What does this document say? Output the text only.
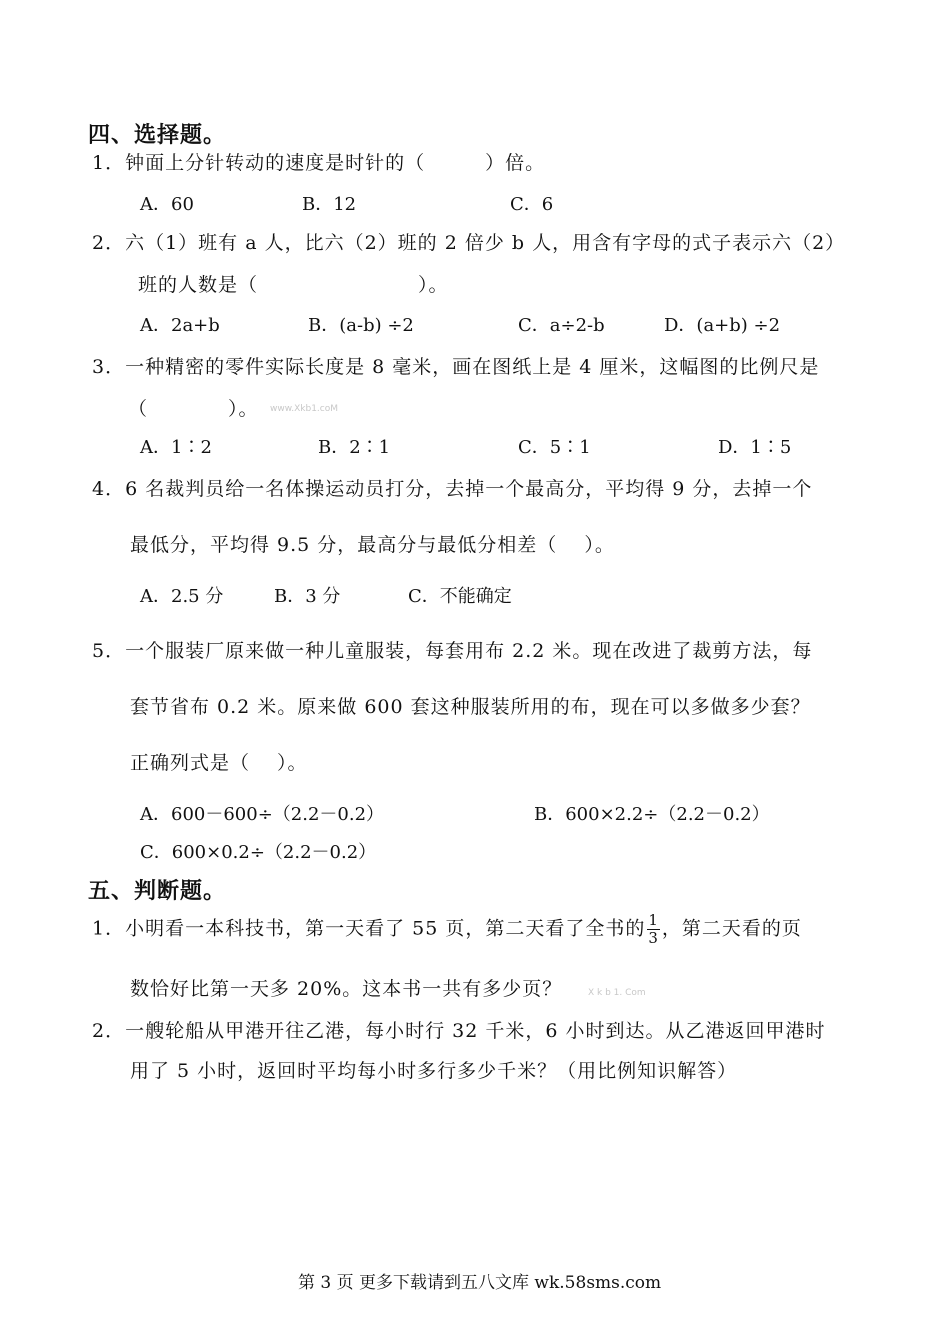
四、选择题。
1．钟面上分针转动的速度是时针的（　　　）倍。
A．60	B．12	C．6
2．六（1）班有 a 人，比六（2）班的 2 倍少 b 人，用含有字母的式子表示六（2）
班的人数是（　　　　　　　　）。
A．2a+b	B．(a-b) ÷2	C．a÷2-b	D．(a+b) ÷2
3．一种精密的零件实际长度是 8 毫米，画在图纸上是 4 厘米，这幅图的比例尺是
（　　　　）。 www.Xkb1.coM
A．1∶2	B．2∶1	C．5∶1	D．1∶5
4．6 名裁判员给一名体操运动员打分，去掉一个最高分，平均得 9 分，去掉一个
最低分，平均得 9.5 分，最高分与最低分相差（　 ）。
A．2.5 分	B．3 分	C．不能确定
5．一个服装厂原来做一种儿童服装，每套用布 2.2 米。现在改进了裁剪方法，每
套节省布 0.2 米。原来做 600 套这种服装所用的布，现在可以多做多少套？
正确列式是（　 ）。
A．600－600÷（2.2－0.2）	B．600×2.2÷（2.2－0.2）
C．600×0.2÷（2.2－0.2）
五、判断题。
1．小明看一本科技书，第一天看了 55 页，第二天看了全书的 $\frac{1}{3}$ ，第二天看的页
数恰好比第一天多 20%。这本书一共有多少页？	X k b 1. Com
2．一艘轮船从甲港开往乙港，每小时行 32 千米，6 小时到达。从乙港返回甲港时
用了 5 小时，返回时平均每小时多行多少千米？（用比例知识解答）
第 3 页 更多下载请到五八文库 wk.58sms.com
